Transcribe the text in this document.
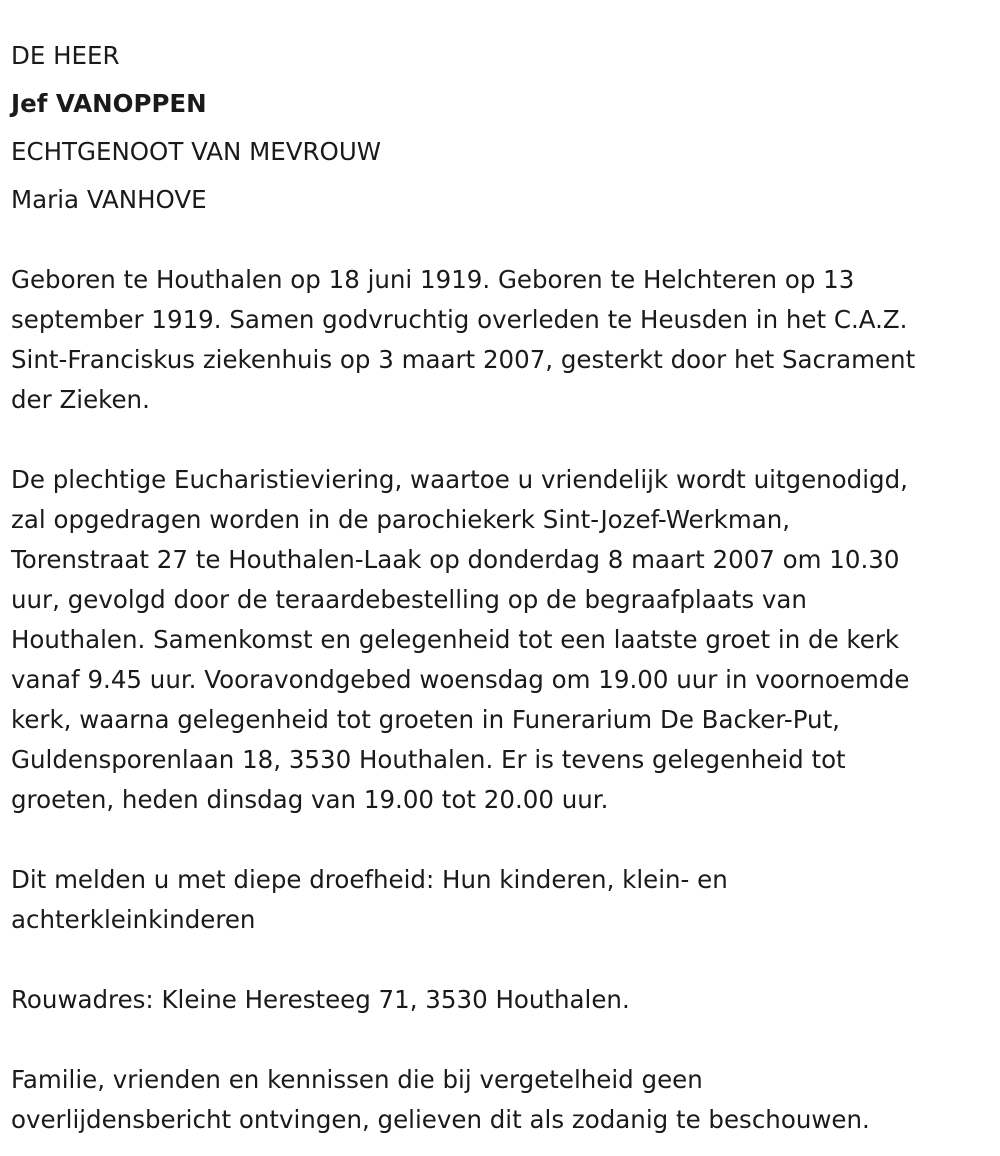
DE HEER
Jef VANOPPEN
ECHTGENOOT VAN MEVROUW
Maria VANHOVE
Geboren te Houthalen op 18 juni 1919. Geboren te Helchteren op 13
september 1919. Samen godvruchtig overleden te Heusden in het C.A.Z.
Sint-Franciskus ziekenhuis op 3 maart 2007, gesterkt door het Sacrament
der Zieken.
De plechtige Eucharistieviering, waartoe u vriendelijk wordt uitgenodigd,
zal opgedragen worden in de parochiekerk Sint-Jozef-Werkman,
Torenstraat 27 te Houthalen-Laak op donderdag 8 maart 2007 om 10.30
uur, gevolgd door de teraardebestelling op de begraafplaats van
Houthalen. Samenkomst en gelegenheid tot een laatste groet in de kerk
vanaf 9.45 uur. Vooravondgebed woensdag om 19.00 uur in voornoemde
kerk, waarna gelegenheid tot groeten in Funerarium De Backer-Put,
Guldensporenlaan 18, 3530 Houthalen. Er is tevens gelegenheid tot
groeten, heden dinsdag van 19.00 tot 20.00 uur.
Dit melden u met diepe droefheid: Hun kinderen, klein- en
achterkleinkinderen
Rouwadres: Kleine Heresteeg 71, 3530 Houthalen.
Familie, vrienden en kennissen die bij vergetelheid geen
overlijdensbericht ontvingen, gelieven dit als zodanig te beschouwen.
